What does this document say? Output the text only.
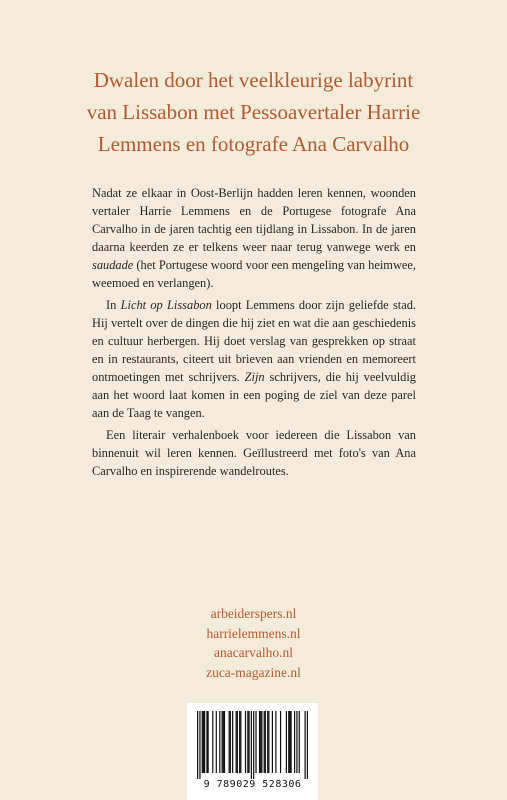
Dwalen door het veelkleurige labyrint
van Lissabon met Pessoavertaler Harrie
Lemmens en fotografe Ana Carvalho

Nadat ze elkaar in Oost-Berlijn hadden leren kennen, woonden vertaler Harrie Lemmens en de Portugese fotografe Ana Carvalho in de jaren tachtig een tijdlang in Lissabon. In de jaren daarna keerden ze er telkens weer naar terug vanwege werk en saudade (het Portugese woord voor een mengeling van heimwee, weemoed en verlangen).

In Licht op Lissabon loopt Lemmens door zijn geliefde stad. Hij vertelt over de dingen die hij ziet en wat die aan geschiedenis en cultuur herbergen. Hij doet verslag van gesprekken op straat en in restaurants, citeert uit brieven aan vrienden en memoreert ontmoetingen met schrijvers. Zijn schrijvers, die hij veelvuldig aan het woord laat komen in een poging de ziel van deze parel aan de Taag te vangen.

Een literair verhalenboek voor iedereen die Lissabon van binnenuit wil leren kennen. Geïllustreerd met foto's van Ana Carvalho en inspirerende wandelroutes.

arbeiderspers.nl
harrielemmens.nl
anacarvalho.nl
zuca-magazine.nl
9 789029 528306
